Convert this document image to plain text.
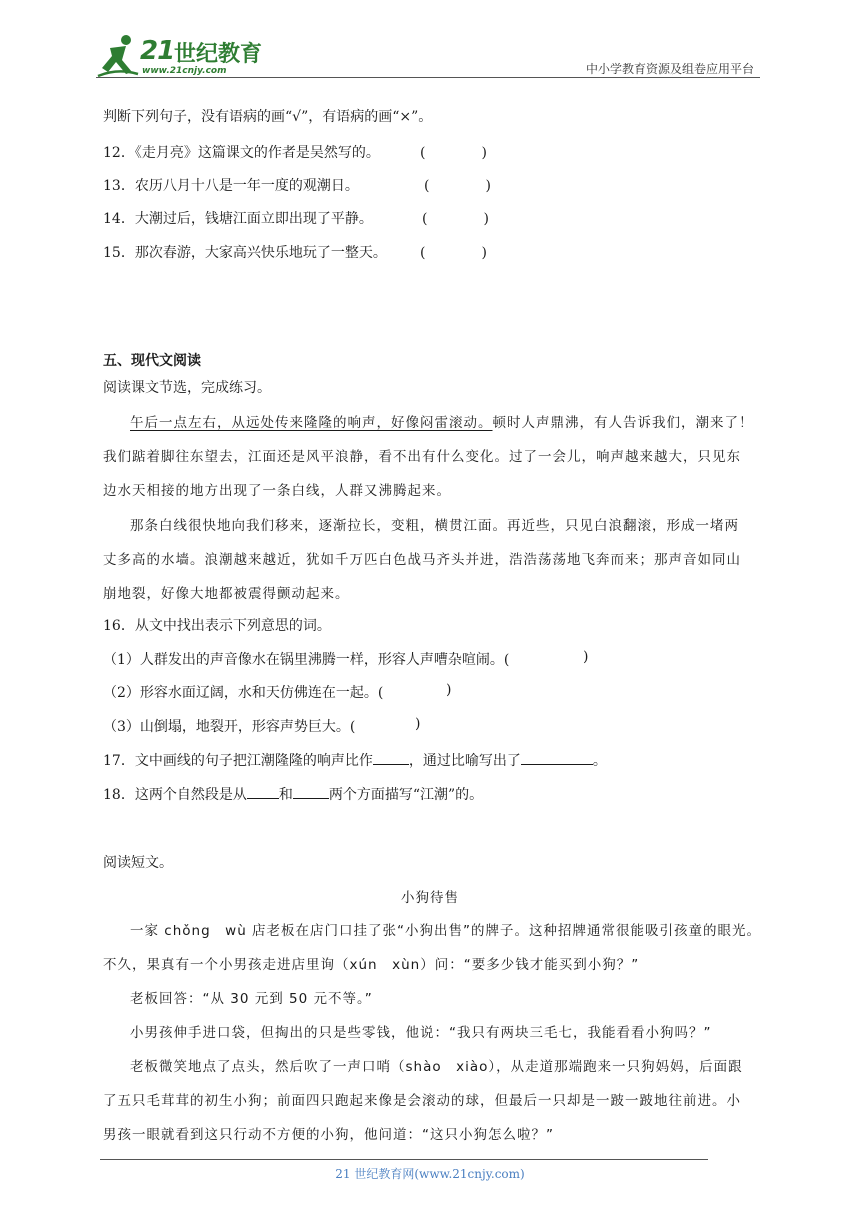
21 世纪教育
www.21cnjy.com	中小学教育资源及组卷应用平台
判断下列句子，没有语病的画“√”，有语病的画“×”。
12．《走月亮》这篇课文的作者是吴然写的。	(　　　　)
13．农历八月十八是一年一度的观潮日。	(　　　　)
14．大潮过后，钱塘江面立即出现了平静。	(　　　　)
15．那次春游，大家高兴快乐地玩了一整天。 (　　　　)
五、现代文阅读
阅读课文节选，完成练习。
午后一点左右，从远处传来隆隆的响声，好像闷雷滚动。顿时人声鼎沸，有人告诉我们，潮来了！
我们踮着脚往东望去，江面还是风平浪静，看不出有什么变化。过了一会儿，响声越来越大，只见东
边水天相接的地方出现了一条白线，人群又沸腾起来。
那条白线很快地向我们移来，逐渐拉长，变粗，横贯江面。再近些，只见白浪翻滚，形成一堵两
丈多高的水墙。浪潮越来越近，犹如千万匹白色战马齐头并进，浩浩荡荡地飞奔而来；那声音如同山
崩地裂，好像大地都被震得颤动起来。
16．从文中找出表示下列意思的词。
（1）人群发出的声音像水在锅里沸腾一样，形容人声嘈杂喧闹。(	)
（2）形容水面辽阔，水和天仿佛连在一起。(	)
（3）山倒塌，地裂开，形容声势巨大。(	)
17．文中画线的句子把江潮隆隆的响声比作	，通过比喻写出了	。
18．这两个自然段是从 和	两个方面描写“江潮”的。
阅读短文。
小狗待售
一家 chǒng　wù 店老板在店门口挂了张“小狗出售”的牌子。这种招牌通常很能吸引孩童的眼光。
不久，果真有一个小男孩走进店里询（xún　xùn）问：“要多少钱才能买到小狗？”
老板回答：“从 30 元到 50 元不等。”
小男孩伸手进口袋，但掏出的只是些零钱，他说：“我只有两块三毛七，我能看看小狗吗？”
老板微笑地点了点头，然后吹了一声口哨（shào　xiào），从走道那端跑来一只狗妈妈，后面跟
了五只毛茸茸的初生小狗；前面四只跑起来像是会滚动的球，但最后一只却是一跛一跛地往前进。小
男孩一眼就看到这只行动不方便的小狗，他问道：“这只小狗怎么啦？”
21 世纪教育网(www.21cnjy.com)
